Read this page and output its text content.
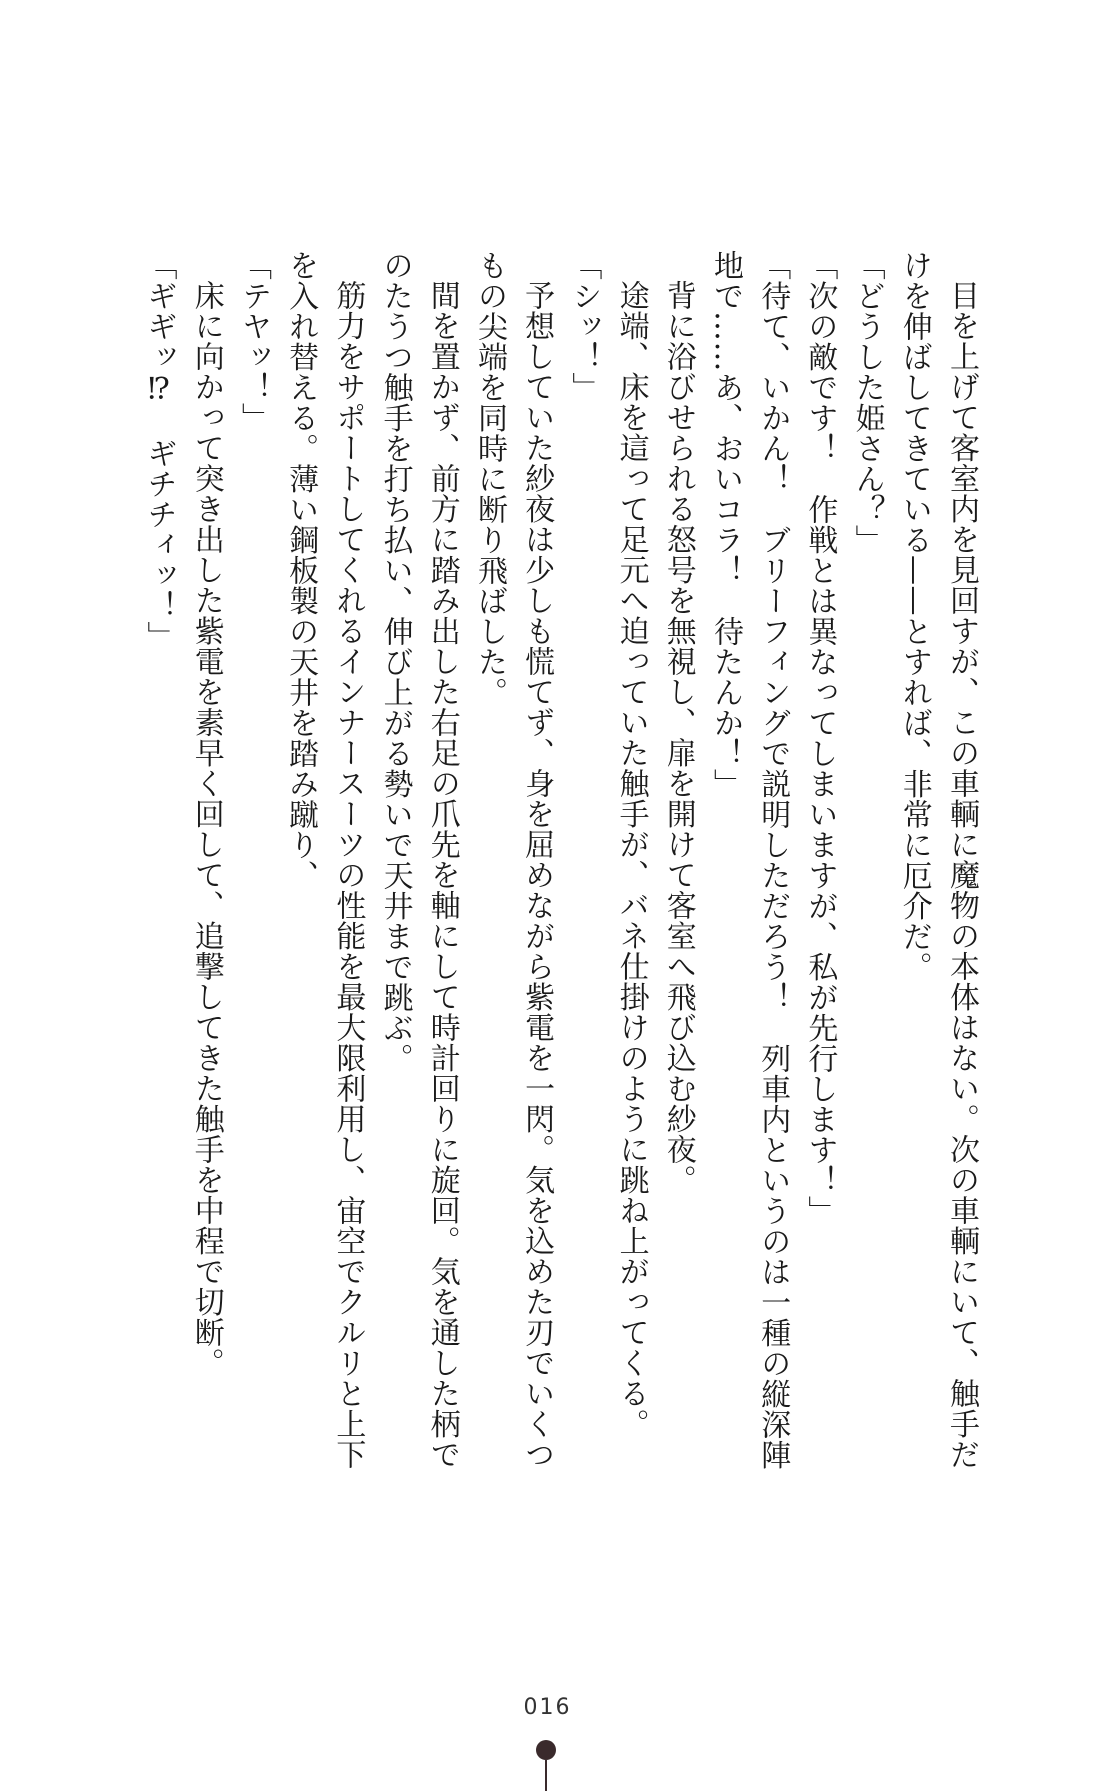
目を上げて客室内を見回すが、この車輌に魔物の本体はない。次の車輌にいて、触手だけを伸ばしてきている——とすれば、非常に厄介だ。

「どうした姫さん？」

「次の敵です！　作戦とは異なってしまいますが、私が先行します！」

「待て、いかん！　ブリーフィングで説明しただろう！　列車内というのは一種の縦深陣地で……あ、おいコラ！　待たんか！」

背に浴びせられる怒号を無視し、扉を開けて客室へ飛び込む紗夜。

途端、床を這って足元へ迫っていた触手が、バネ仕掛けのように跳ね上がってくる。

「シッ！」

予想していた紗夜は少しも慌てず、身を屈めながら紫電を一閃。気を込めた刃でいくつもの尖端を同時に断り飛ばした。

間を置かず、前方に踏み出した右足の爪先を軸にして時計回りに旋回。気を通した柄でのたうつ触手を打ち払い、伸び上がる勢いで天井まで跳ぶ。

筋力をサポートしてくれるインナースーツの性能を最大限利用し、宙空でクルリと上下を入れ替える。薄い鋼板製の天井を踏み蹴り、

「テヤッ！」

床に向かって突き出した紫電を素早く回して、追撃してきた触手を中程で切断。

「ギギッ⁉　ギチチィッ！」

016
